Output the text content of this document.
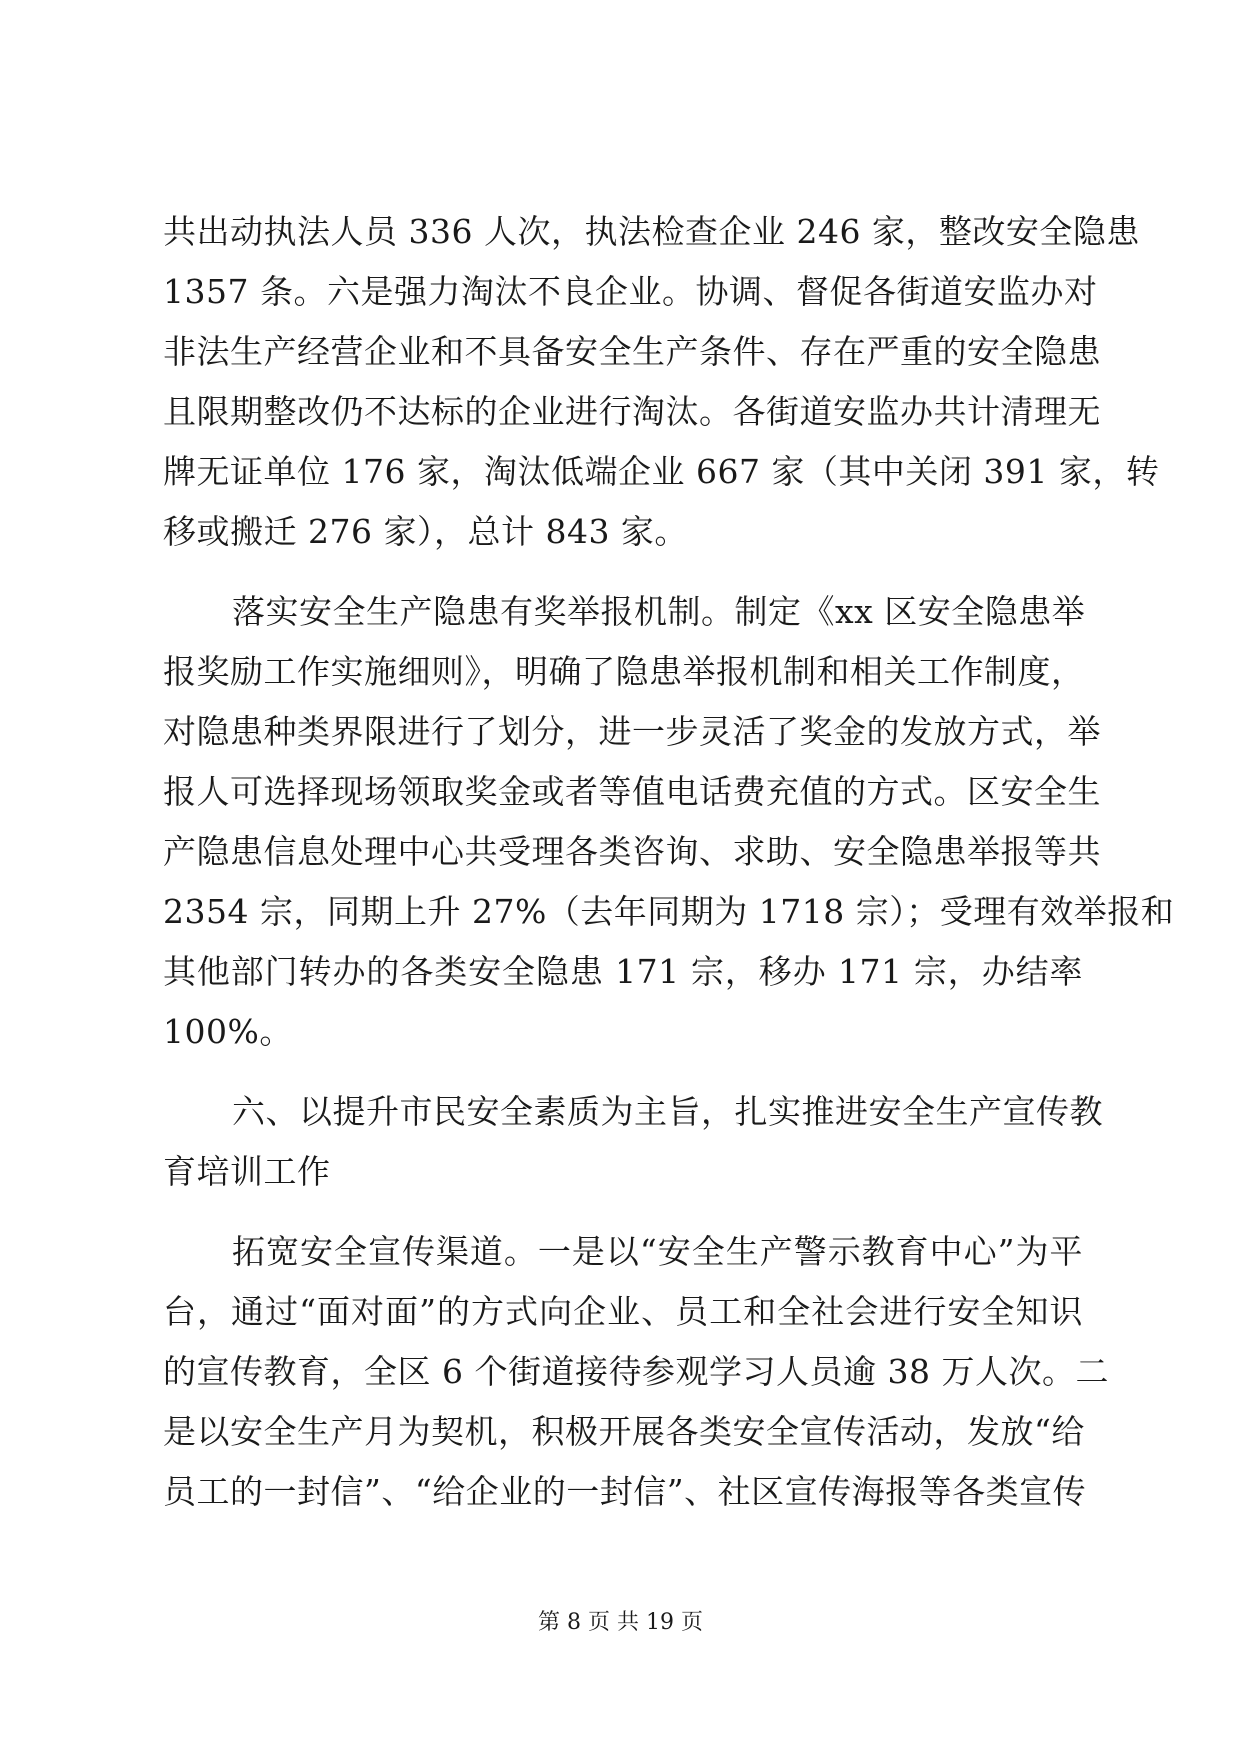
共出动执法人员 336 人次，执法检查企业 246 家，整改安全隐患
1357 条。六是强力淘汰不良企业。协调、督促各街道安监办对
非法生产经营企业和不具备安全生产条件、存在严重的安全隐患
且限期整改仍不达标的企业进行淘汰。各街道安监办共计清理无
牌无证单位 176 家，淘汰低端企业 667 家（其中关闭 391 家，转
移或搬迁 276 家），总计 843 家。
落实安全生产隐患有奖举报机制。制定《xx 区安全隐患举
报奖励工作实施细则》，明确了隐患举报机制和相关工作制度，
对隐患种类界限进行了划分，进一步灵活了奖金的发放方式，举
报人可选择现场领取奖金或者等值电话费充值的方式。区安全生
产隐患信息处理中心共受理各类咨询、求助、安全隐患举报等共
2354 宗，同期上升 27%（去年同期为 1718 宗）；受理有效举报和
其他部门转办的各类安全隐患 171 宗，移办 171 宗，办结率
100%。
六、以提升市民安全素质为主旨，扎实推进安全生产宣传教
育培训工作
拓宽安全宣传渠道。一是以“安全生产警示教育中心”为平
台，通过“面对面”的方式向企业、员工和全社会进行安全知识
的宣传教育，全区 6 个街道接待参观学习人员逾 38 万人次。二
是以安全生产月为契机，积极开展各类安全宣传活动，发放“给
员工的一封信”、“给企业的一封信”、社区宣传海报等各类宣传
第 8 页 共 19 页
